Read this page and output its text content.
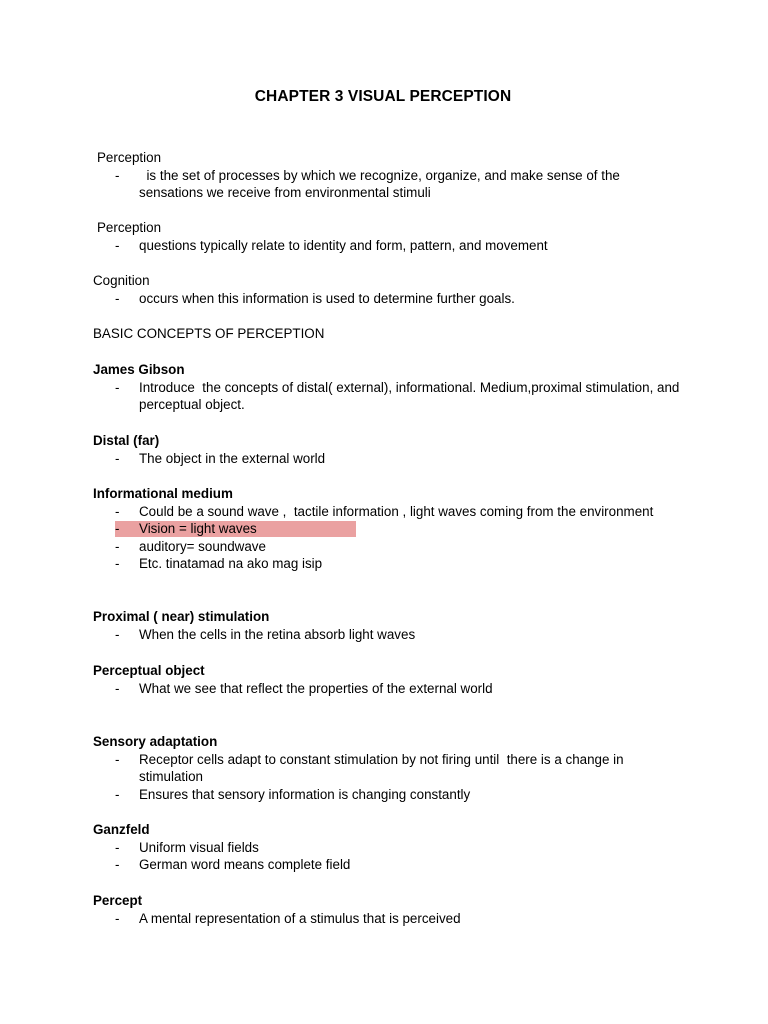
CHAPTER 3 VISUAL PERCEPTION
Perception
- is the set of processes by which we recognize, organize, and make sense of the sensations we receive from environmental stimuli
Perception
- questions typically relate to identity and form, pattern, and movement
Cognition
- occurs when this information is used to determine further goals.
BASIC CONCEPTS OF PERCEPTION
James Gibson
- Introduce  the concepts of distal( external), informational. Medium,proximal stimulation, and perceptual object.
Distal (far)
- The object in the external world
Informational medium
- Could be a sound wave ,  tactile information , light waves coming from the environment
- Vision = light waves
- auditory= soundwave
- Etc. tinatamad na ako mag isip
Proximal ( near) stimulation
- When the cells in the retina absorb light waves
Perceptual object
- What we see that reflect the properties of the external world
Sensory adaptation
- Receptor cells adapt to constant stimulation by not firing until  there is a change in stimulation
- Ensures that sensory information is changing constantly
Ganzfeld
- Uniform visual fields
- German word means complete field
Percept
- A mental representation of a stimulus that is perceived
